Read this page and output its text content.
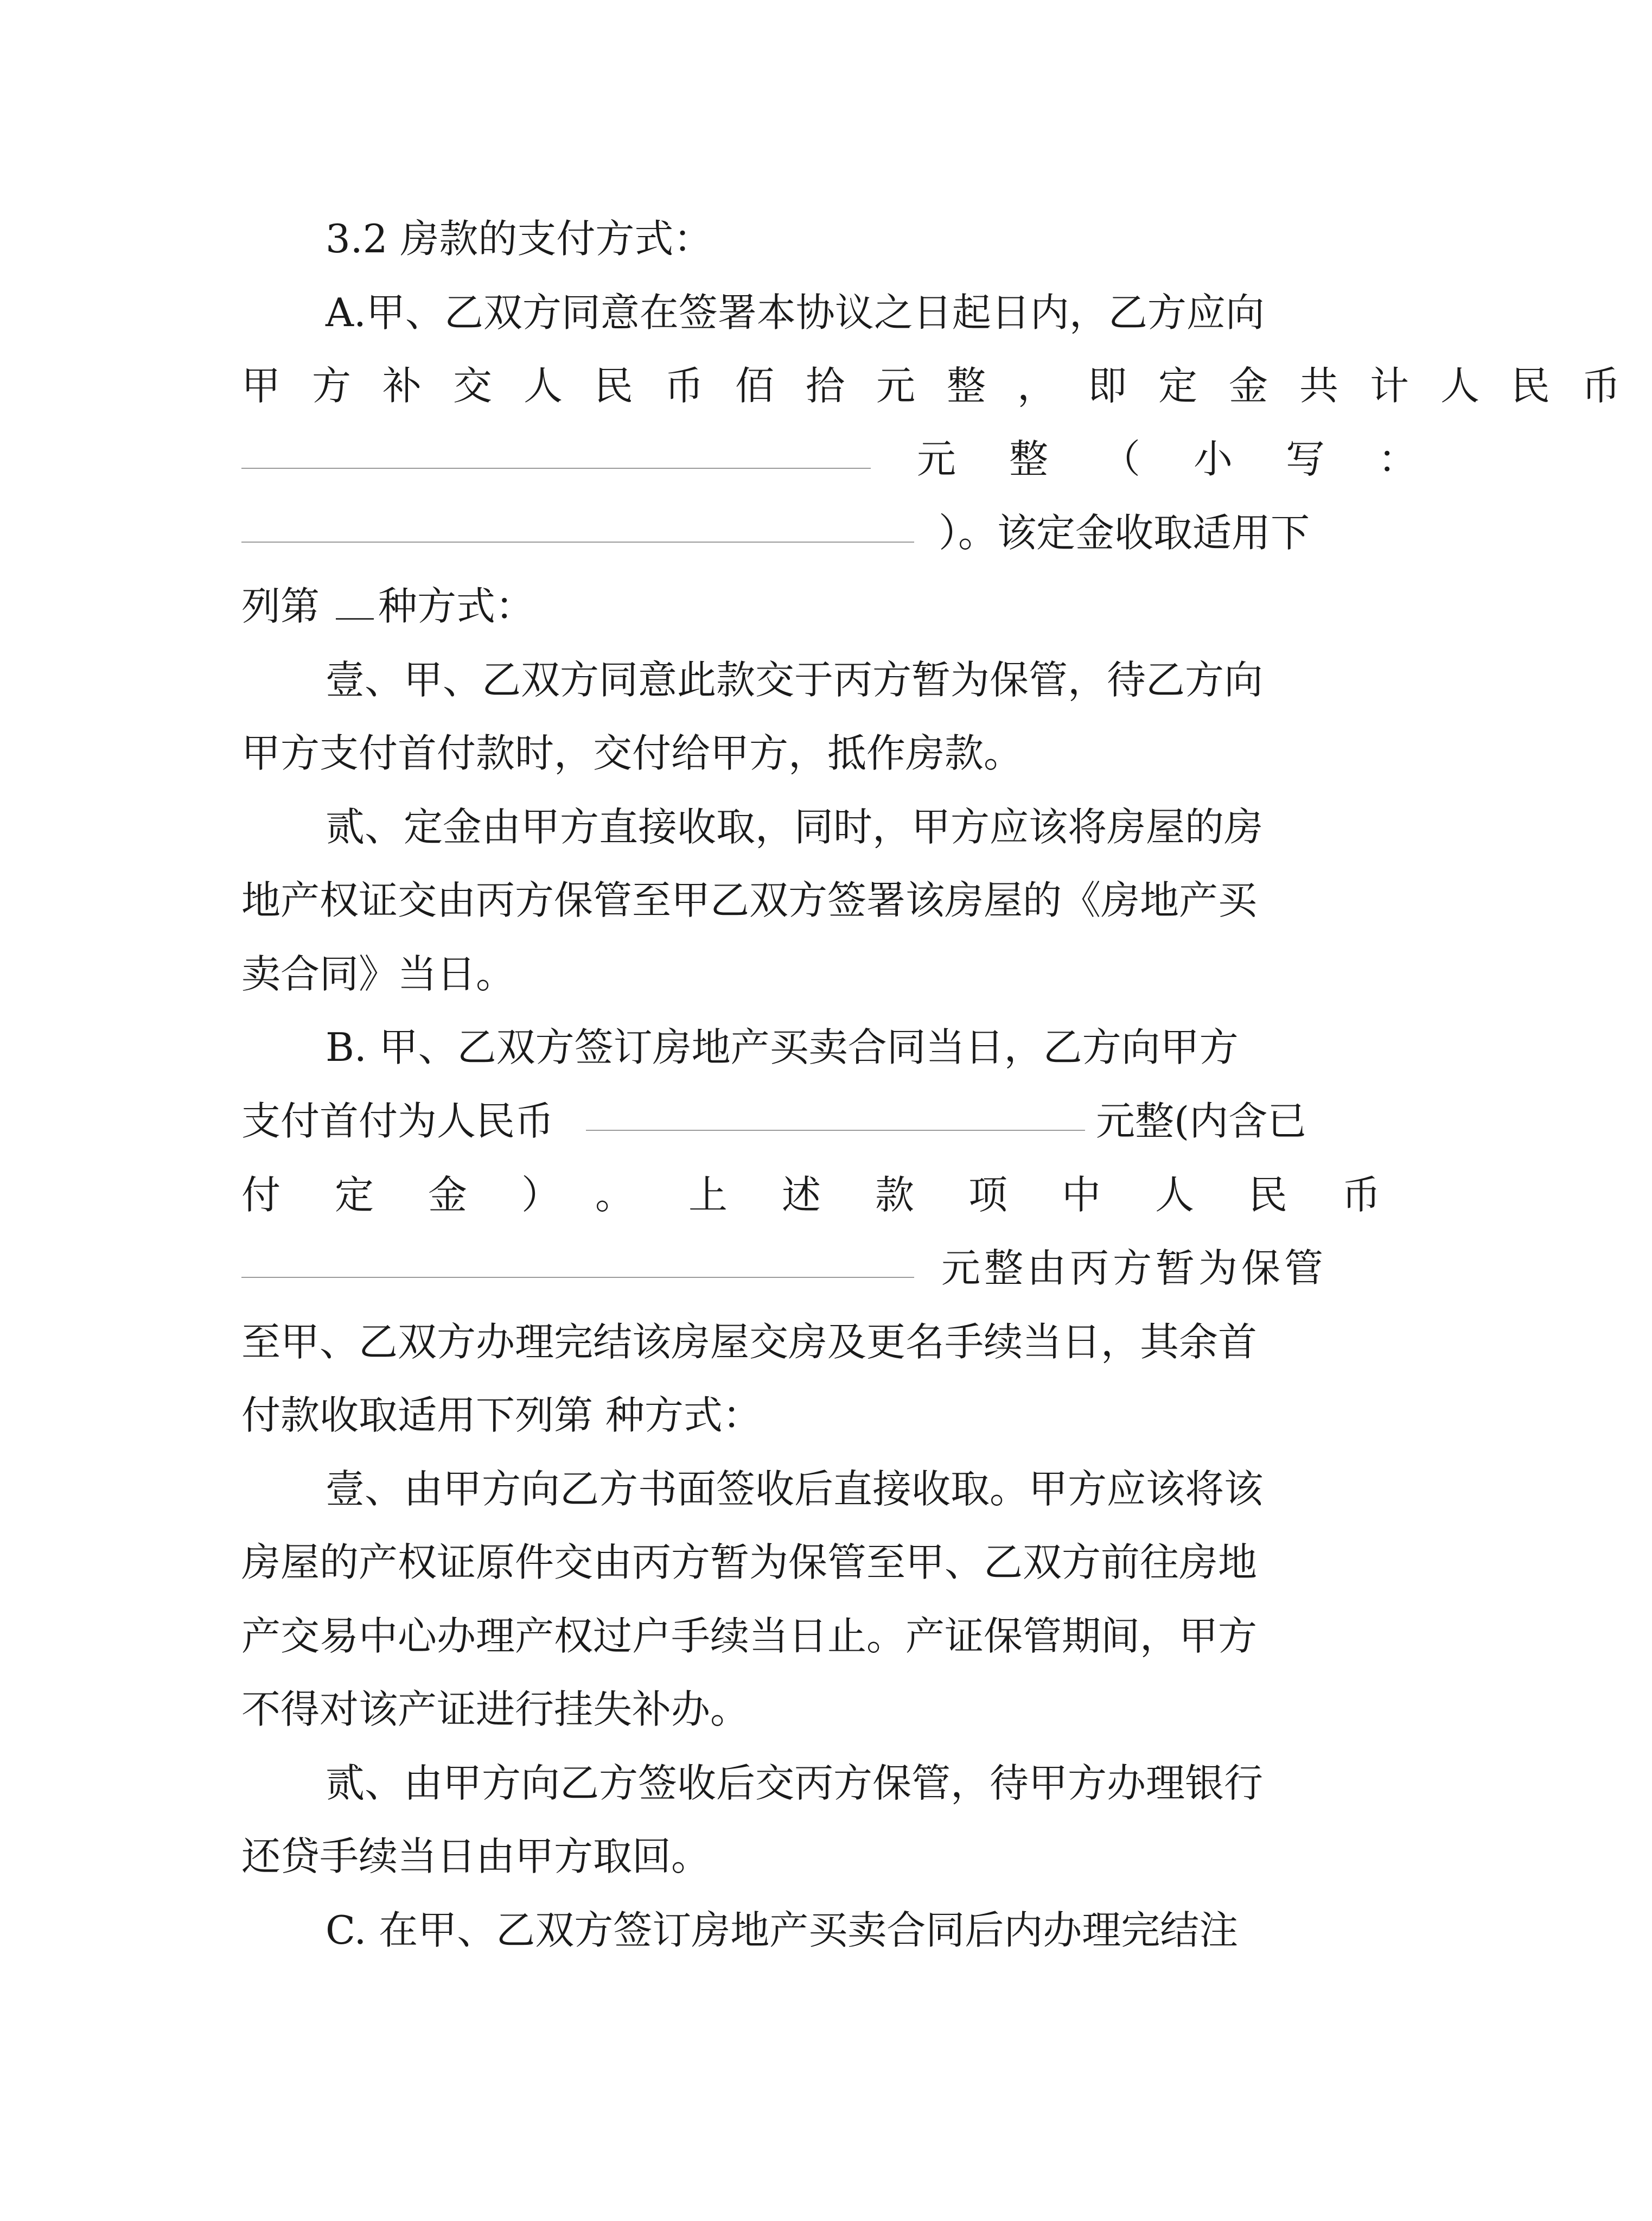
3.2 房款的支付方式：
A.甲、乙双方同意在签署本协议之日起日内，乙方应向
甲方补交人民币佰拾元整，即定金共计人民币
元整（小写：
）。该定金收取适用下
列第 种方式：
壹、甲、乙双方同意此款交于丙方暂为保管，待乙方向
甲方支付首付款时，交付给甲方，抵作房款。
贰、定金由甲方直接收取，同时，甲方应该将房屋的房
地产权证交由丙方保管至甲乙双方签署该房屋的《房地产买
卖合同》当日。
B. 甲、乙双方签订房地产买卖合同当日，乙方向甲方
支付首付为人民币	元整(内含已
付定金）。上述款项中人民币
元整由丙方暂为保管
至甲、乙双方办理完结该房屋交房及更名手续当日，其余首
付款收取适用下列第 种方式：
壹、由甲方向乙方书面签收后直接收取。甲方应该将该
房屋的产权证原件交由丙方暂为保管至甲、乙双方前往房地
产交易中心办理产权过户手续当日止。产证保管期间，甲方
不得对该产证进行挂失补办。
贰、由甲方向乙方签收后交丙方保管，待甲方办理银行
还贷手续当日由甲方取回。
C. 在甲、乙双方签订房地产买卖合同后内办理完结注
